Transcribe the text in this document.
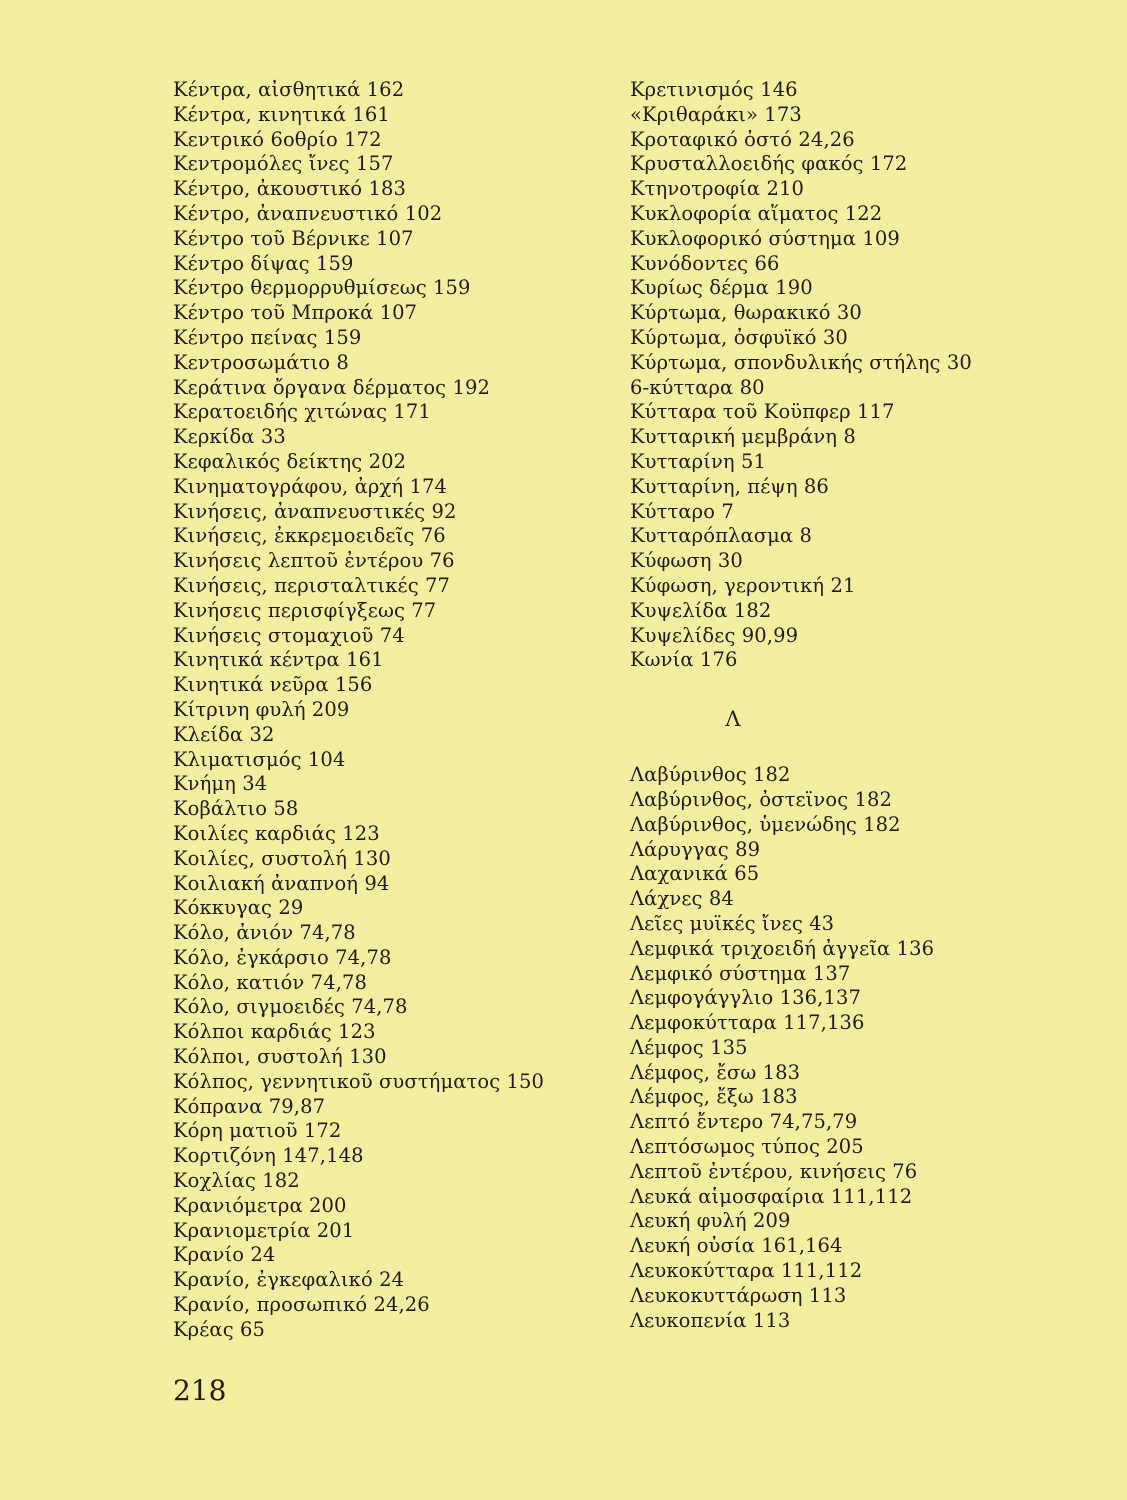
Κέντρα, αἰσθητικά 162
Κέντρα, κινητικά 161
Κεντρικό 6οθρίο 172
Κεντρομόλες ἴνες 157
Κέντρο, ἀκουστικό 183
Κέντρο, ἀναπνευστικό 102
Κέντρο τοῦ Βέρνικε 107
Κέντρο δίψας 159
Κέντρο θερμορρυθμίσεως 159
Κέντρο τοῦ Μπροκά 107
Κέντρο πείνας 159
Κεντροσωμάτιο 8
Κεράτινα ὄργανα δέρματος 192
Κερατοειδής χιτώνας 171
Κερκίδα 33
Κεφαλικός δείκτης 202
Κινηματογράφου, ἀρχή 174
Κινήσεις, ἀναπνευστικές 92
Κινήσεις, ἐκκρεμοειδεῖς 76
Κινήσεις λεπτοῦ ἐντέρου 76
Κινήσεις, περισταλτικές 77
Κινήσεις περισφίγξεως 77
Κινήσεις στομαχιοῦ 74
Κινητικά κέντρα 161
Κινητικά νεῦρα 156
Κίτρινη φυλή 209
Κλείδα 32
Κλιματισμός 104
Κνήμη 34
Κοβάλτιο 58
Κοιλίες καρδιάς 123
Κοιλίες, συστολή 130
Κοιλιακή ἀναπνοή 94
Κόκκυγας 29
Κόλο, ἀνιόν 74,78
Κόλο, ἐγκάρσιο 74,78
Κόλο, κατιόν 74,78
Κόλο, σιγμοειδές 74,78
Κόλποι καρδιάς 123
Κόλποι, συστολή 130
Κόλπος, γεννητικοῦ συστήματος 150
Κόπρανα 79,87
Κόρη ματιοῦ 172
Κορτιζόνη 147,148
Κοχλίας 182
Κρανιόμετρα 200
Κρανιομετρία 201
Κρανίο 24
Κρανίο, ἐγκεφαλικό 24
Κρανίο, προσωπικό 24,26
Κρέας 65
Κρετινισμός 146
«Κριθαράκι» 173
Κροταφικό ὀστό 24,26
Κρυσταλλοειδής φακός 172
Κτηνοτροφία 210
Κυκλοφορία αἵματος 122
Κυκλοφορικό σύστημα 109
Κυνόδοντες 66
Κυρίως δέρμα 190
Κύρτωμα, θωρακικό 30
Κύρτωμα, ὀσφυϊκό 30
Κύρτωμα, σπονδυλικής στήλης 30
6-κύτταρα 80
Κύτταρα τοῦ Κοϋπφερ 117
Κυτταρική μεμβράνη 8
Κυτταρίνη 51
Κυτταρίνη, πέψη 86
Κύτταρο 7
Κυτταρόπλασμα 8
Κύφωση 30
Κύφωση, γεροντική 21
Κυψελίδα 182
Κυψελίδες 90,99
Κωνία 176
Λ
Λαβύρινθος 182
Λαβύρινθος, ὀστεϊνος 182
Λαβύρινθος, ὑμενώδης 182
Λάρυγγας 89
Λαχανικά 65
Λάχνες 84
Λεῖες μυϊκές ἴνες 43
Λεμφικά τριχοειδή ἀγγεῖα 136
Λεμφικό σύστημα 137
Λεμφογάγγλιο 136,137
Λεμφοκύτταρα 117,136
Λέμφος 135
Λέμφος, ἔσω 183
Λέμφος, ἔξω 183
Λεπτό ἔντερο 74,75,79
Λεπτόσωμος τύπος 205
Λεπτοῦ ἐντέρου, κινήσεις 76
Λευκά αἱμοσφαίρια 111,112
Λευκή φυλή 209
Λευκή οὐσία 161,164
Λευκοκύτταρα 111,112
Λευκοκυττάρωση 113
Λευκοπενία 113
218
